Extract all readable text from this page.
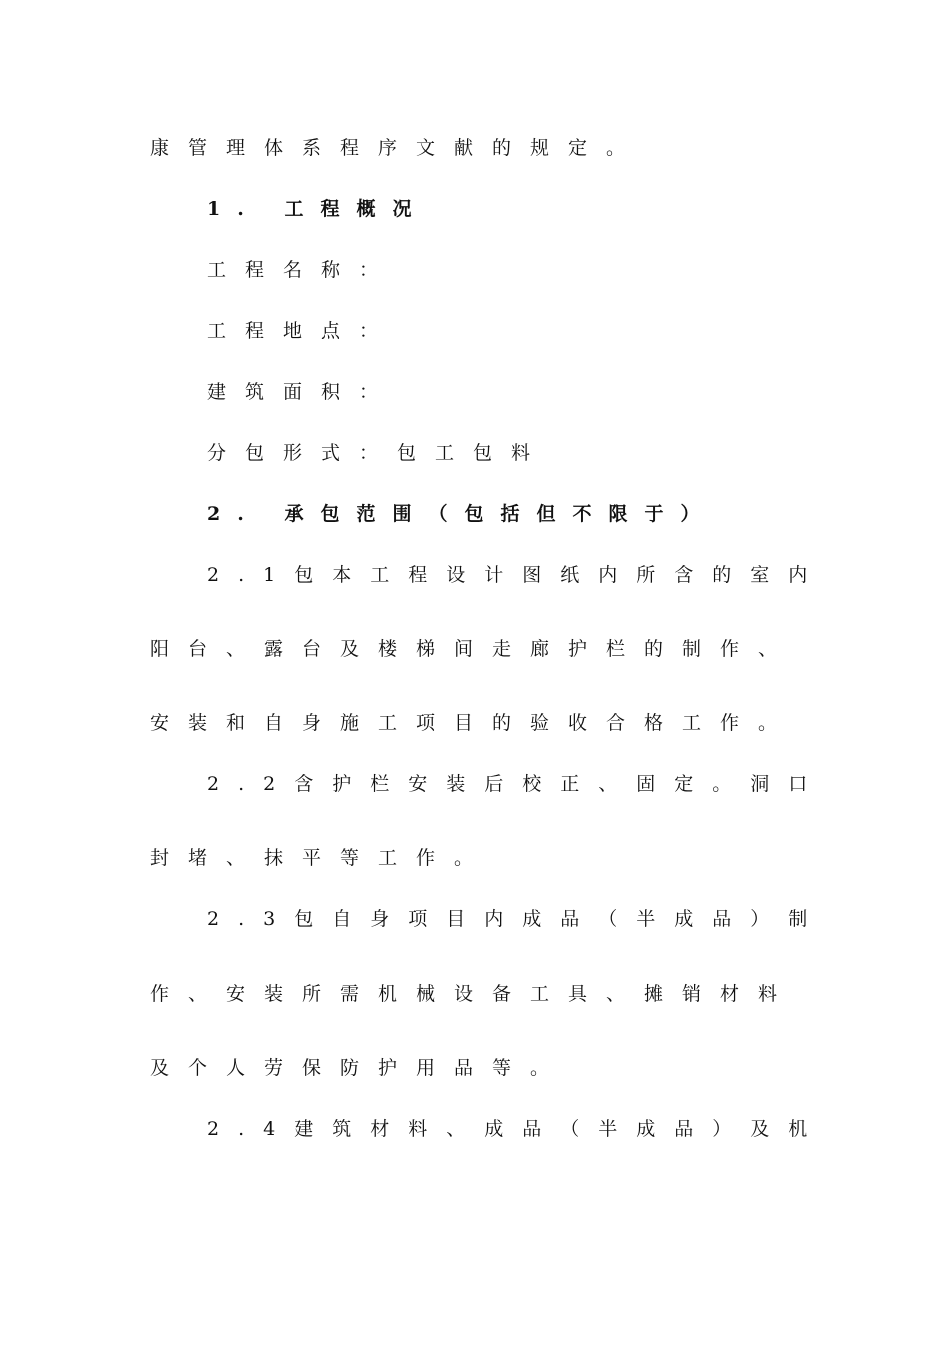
康管理体系程序文献的规定。
1. 工程概况
工程名称：
工程地点：
建筑面积：
分包形式：包工包料
2. 承包范围（包括但不限于）
2.1包本工程设计图纸内所含的室内
阳台、露台及楼梯间走廊护栏的制作、
安装和自身施工项目的验收合格工作。
2.2含护栏安装后校正、固定。洞口
封堵、抹平等工作。
2.3包自身项目内成品（半成品）制
作、安装所需机械设备工具、摊销材料
及个人劳保防护用品等。
2.4建筑材料、成品（半成品）及机
